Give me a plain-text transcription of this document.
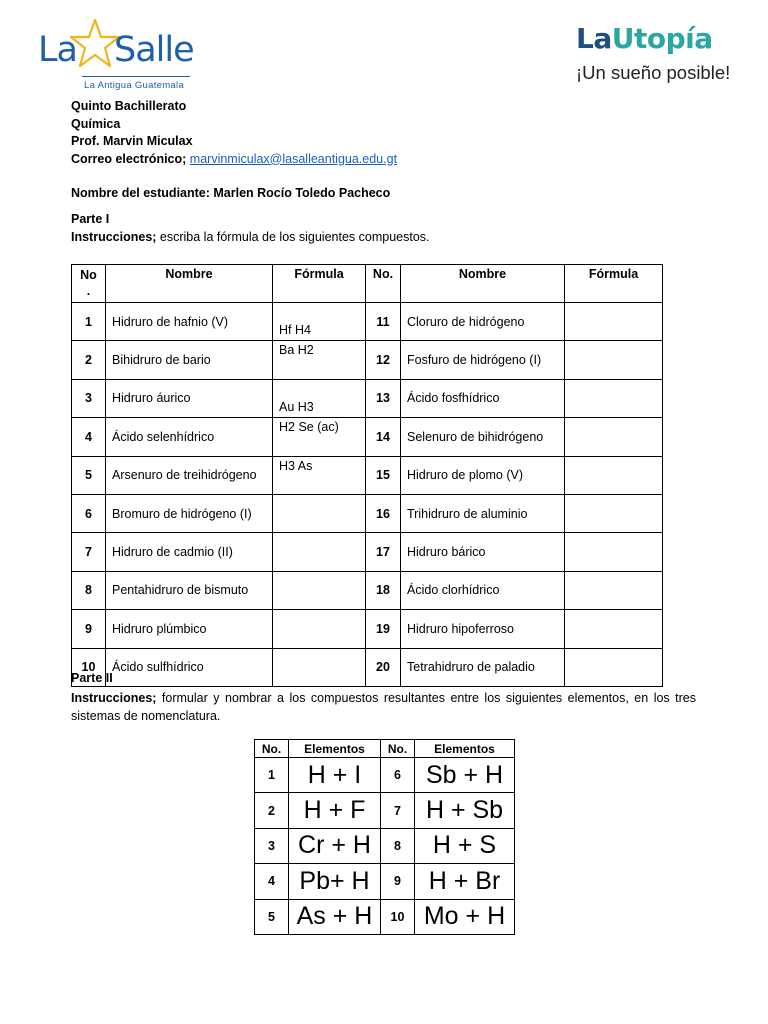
La Salle
La Antigua Guatemala
LaUtopía
¡Un sueño posible!
Quinto Bachillerato
Química
Prof. Marvin Miculax
Correo electrónico; marvinmiculax@lasalleantigua.edu.gt
Nombre del estudiante: Marlen Rocío Toledo Pacheco
Parte I
Instrucciones; escriba la fórmula de los siguientes compuestos.
No
.	Nombre	Fórmula	No.	Nombre	Fórmula
1	Hidruro de hafnio (V)	Hf H4	11	Cloruro de hidrógeno	
2	Bihidruro de bario	Ba H2	12	Fosfuro de hidrógeno (I)	
3	Hidruro áurico	Au H3	13	Ácido fosfhídrico	
4	Ácido selenhídrico	H2 Se (ac)	14	Selenuro de bihidrógeno	
5	Arsenuro de treihidrógeno	H3 As	15	Hidruro de plomo (V)	
6	Bromuro de hidrógeno (I)		16	Trihidruro de aluminio	
7	Hidruro de cadmio (II)		17	Hidruro bárico	
8	Pentahidruro de bismuto		18	Ácido clorhídrico	
9	Hidruro plúmbico		19	Hidruro hipoferroso	
10	Ácido sulfhídrico		20	Tetrahidruro de paladio	
Parte II
Instrucciones; formular y nombrar a los compuestos resultantes entre los siguientes elementos, en los tres sistemas de nomenclatura.
No.	Elementos	No.	Elementos
1	H + I	6	Sb + H
2	H + F	7	H + Sb
3	Cr + H	8	H + S
4	Pb+ H	9	H + Br
5	As + H	10	Mo + H
